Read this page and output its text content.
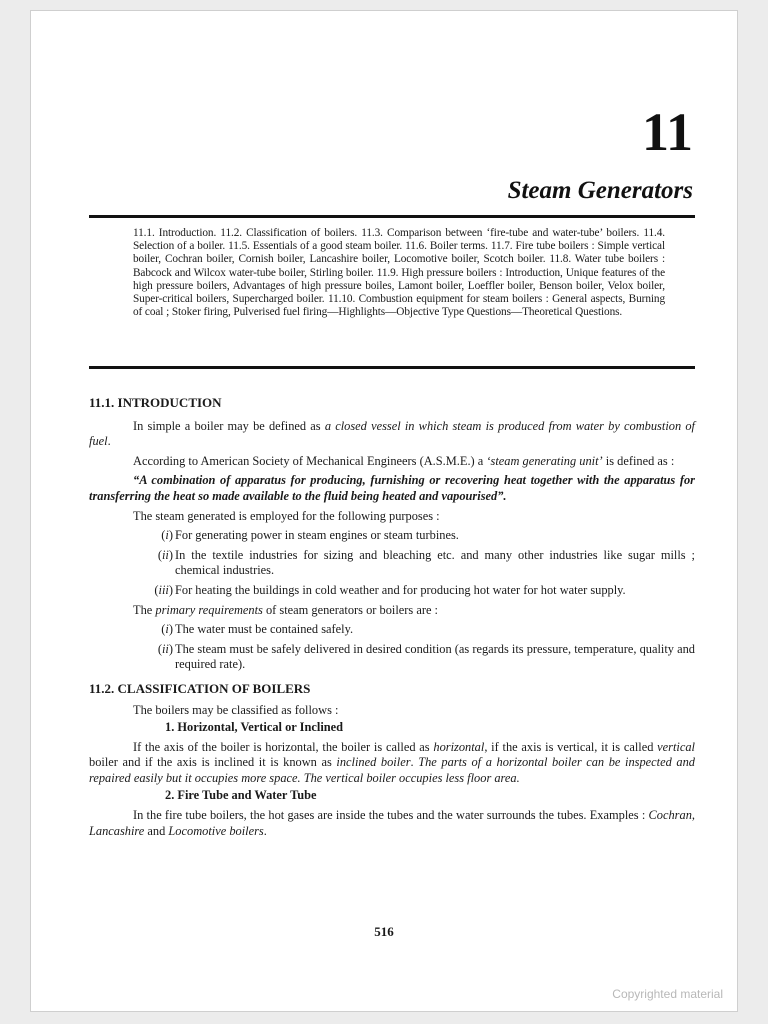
11
Steam Generators

11.1. Introduction. 11.2. Classification of boilers. 11.3. Comparison between ‘fire-tube and water-tube’ boilers. 11.4. Selection of a boiler. 11.5. Essentials of a good steam boiler. 11.6. Boiler terms. 11.7. Fire tube boilers : Simple vertical boiler, Cochran boiler, Cornish boiler, Lancashire boiler, Locomotive boiler, Scotch boiler. 11.8. Water tube boilers : Babcock and Wilcox water-tube boiler, Stirling boiler. 11.9. High pressure boilers : Introduction, Unique features of the high pressure boilers, Advantages of high pressure boiles, Lamont boiler, Loeffler boiler, Benson boiler, Velox boiler, Super-critical boilers, Supercharged boiler. 11.10. Combustion equipment for steam boilers : General aspects, Burning of coal ; Stoker firing, Pulverised fuel firing—Highlights—Objective Type Questions—Theoretical Questions.

11.1. INTRODUCTION

In simple a boiler may be defined as a closed vessel in which steam is produced from water by combustion of fuel.

According to American Society of Mechanical Engineers (A.S.M.E.) a ‘steam generating unit’ is defined as :

“A combination of apparatus for producing, furnishing or recovering heat together with the apparatus for transferring the heat so made available to the fluid being heated and vapourised”.

The steam generated is employed for the following purposes :

(i) For generating power in steam engines or steam turbines.

(ii) In the textile industries for sizing and bleaching etc. and many other industries like sugar mills ; chemical industries.

(iii) For heating the buildings in cold weather and for producing hot water for hot water supply.

The primary requirements of steam generators or boilers are :

(i) The water must be contained safely.

(ii) The steam must be safely delivered in desired condition (as regards its pressure, temperature, quality and required rate).

11.2. CLASSIFICATION OF BOILERS

The boilers may be classified as follows :

1. Horizontal, Vertical or Inclined

If the axis of the boiler is horizontal, the boiler is called as horizontal, if the axis is vertical, it is called vertical boiler and if the axis is inclined it is known as inclined boiler. The parts of a horizontal boiler can be inspected and repaired easily but it occupies more space. The vertical boiler occupies less floor area.

2. Fire Tube and Water Tube

In the fire tube boilers, the hot gases are inside the tubes and the water surrounds the tubes. Examples : Cochran, Lancashire and Locomotive boilers.

516
Copyrighted material
